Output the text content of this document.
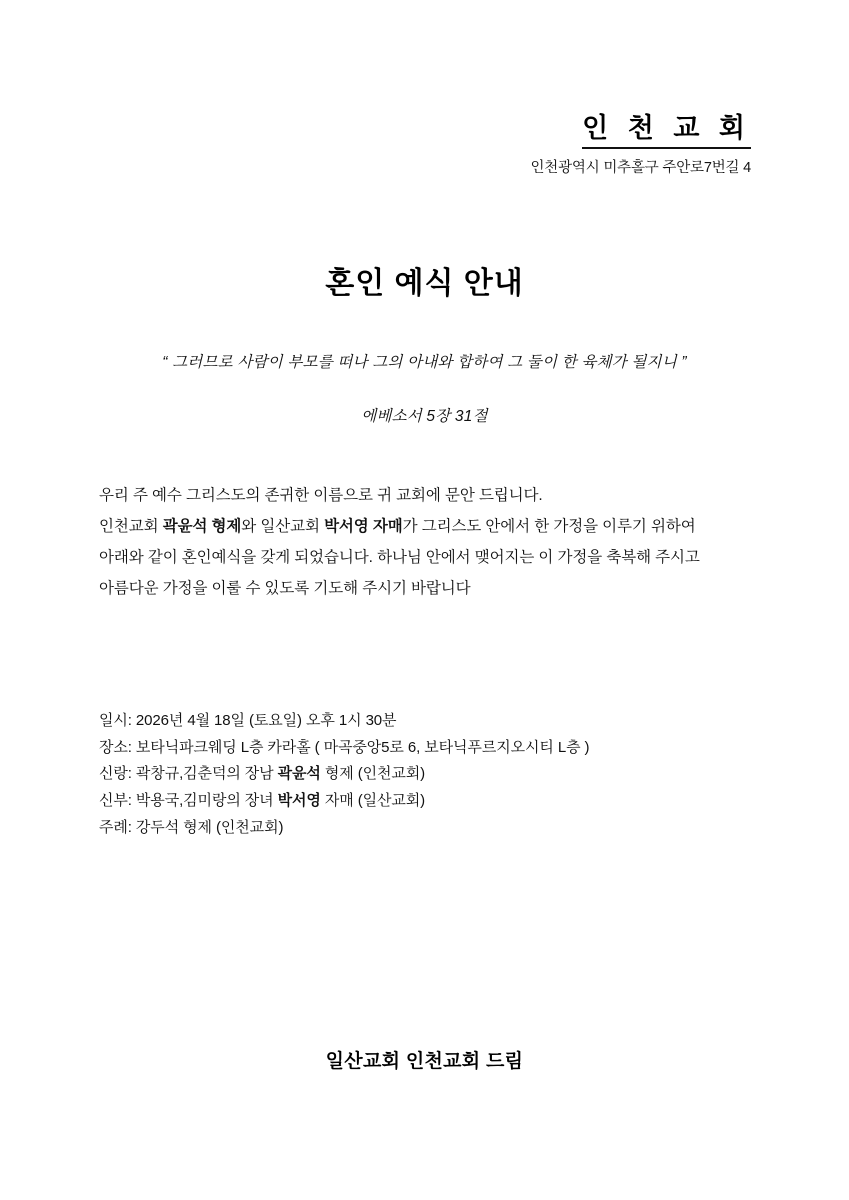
인 천 교 회
인천광역시 미추홀구 주안로7번길 4
혼인 예식 안내
“ 그러므로 사람이 부모를 떠나 그의 아내와 합하여 그 둘이 한 육체가 될지니 ”
에베소서 5장 31절
우리 주 예수 그리스도의 존귀한 이름으로 귀 교회에 문안 드립니다.
인천교회 곽윤석 형제와 일산교회 박서영 자매가 그리스도 안에서 한 가정을 이루기 위하여
아래와 같이 혼인예식을 갖게 되었습니다. 하나님 안에서 맺어지는 이 가정을 축복해 주시고
아름다운 가정을 이룰 수 있도록 기도해 주시기 바랍니다
일시: 2026년 4월 18일 (토요일) 오후 1시 30분
장소: 보타닉파크웨딩 L층 카라홀 ( 마곡중앙5로 6, 보타닉푸르지오시티 L층 )
신랑: 곽창규,김춘덕의 장남 곽윤석 형제 (인천교회)
신부: 박용국,김미랑의 장녀 박서영 자매 (일산교회)
주례: 강두석 형제 (인천교회)
일산교회 인천교회 드림
